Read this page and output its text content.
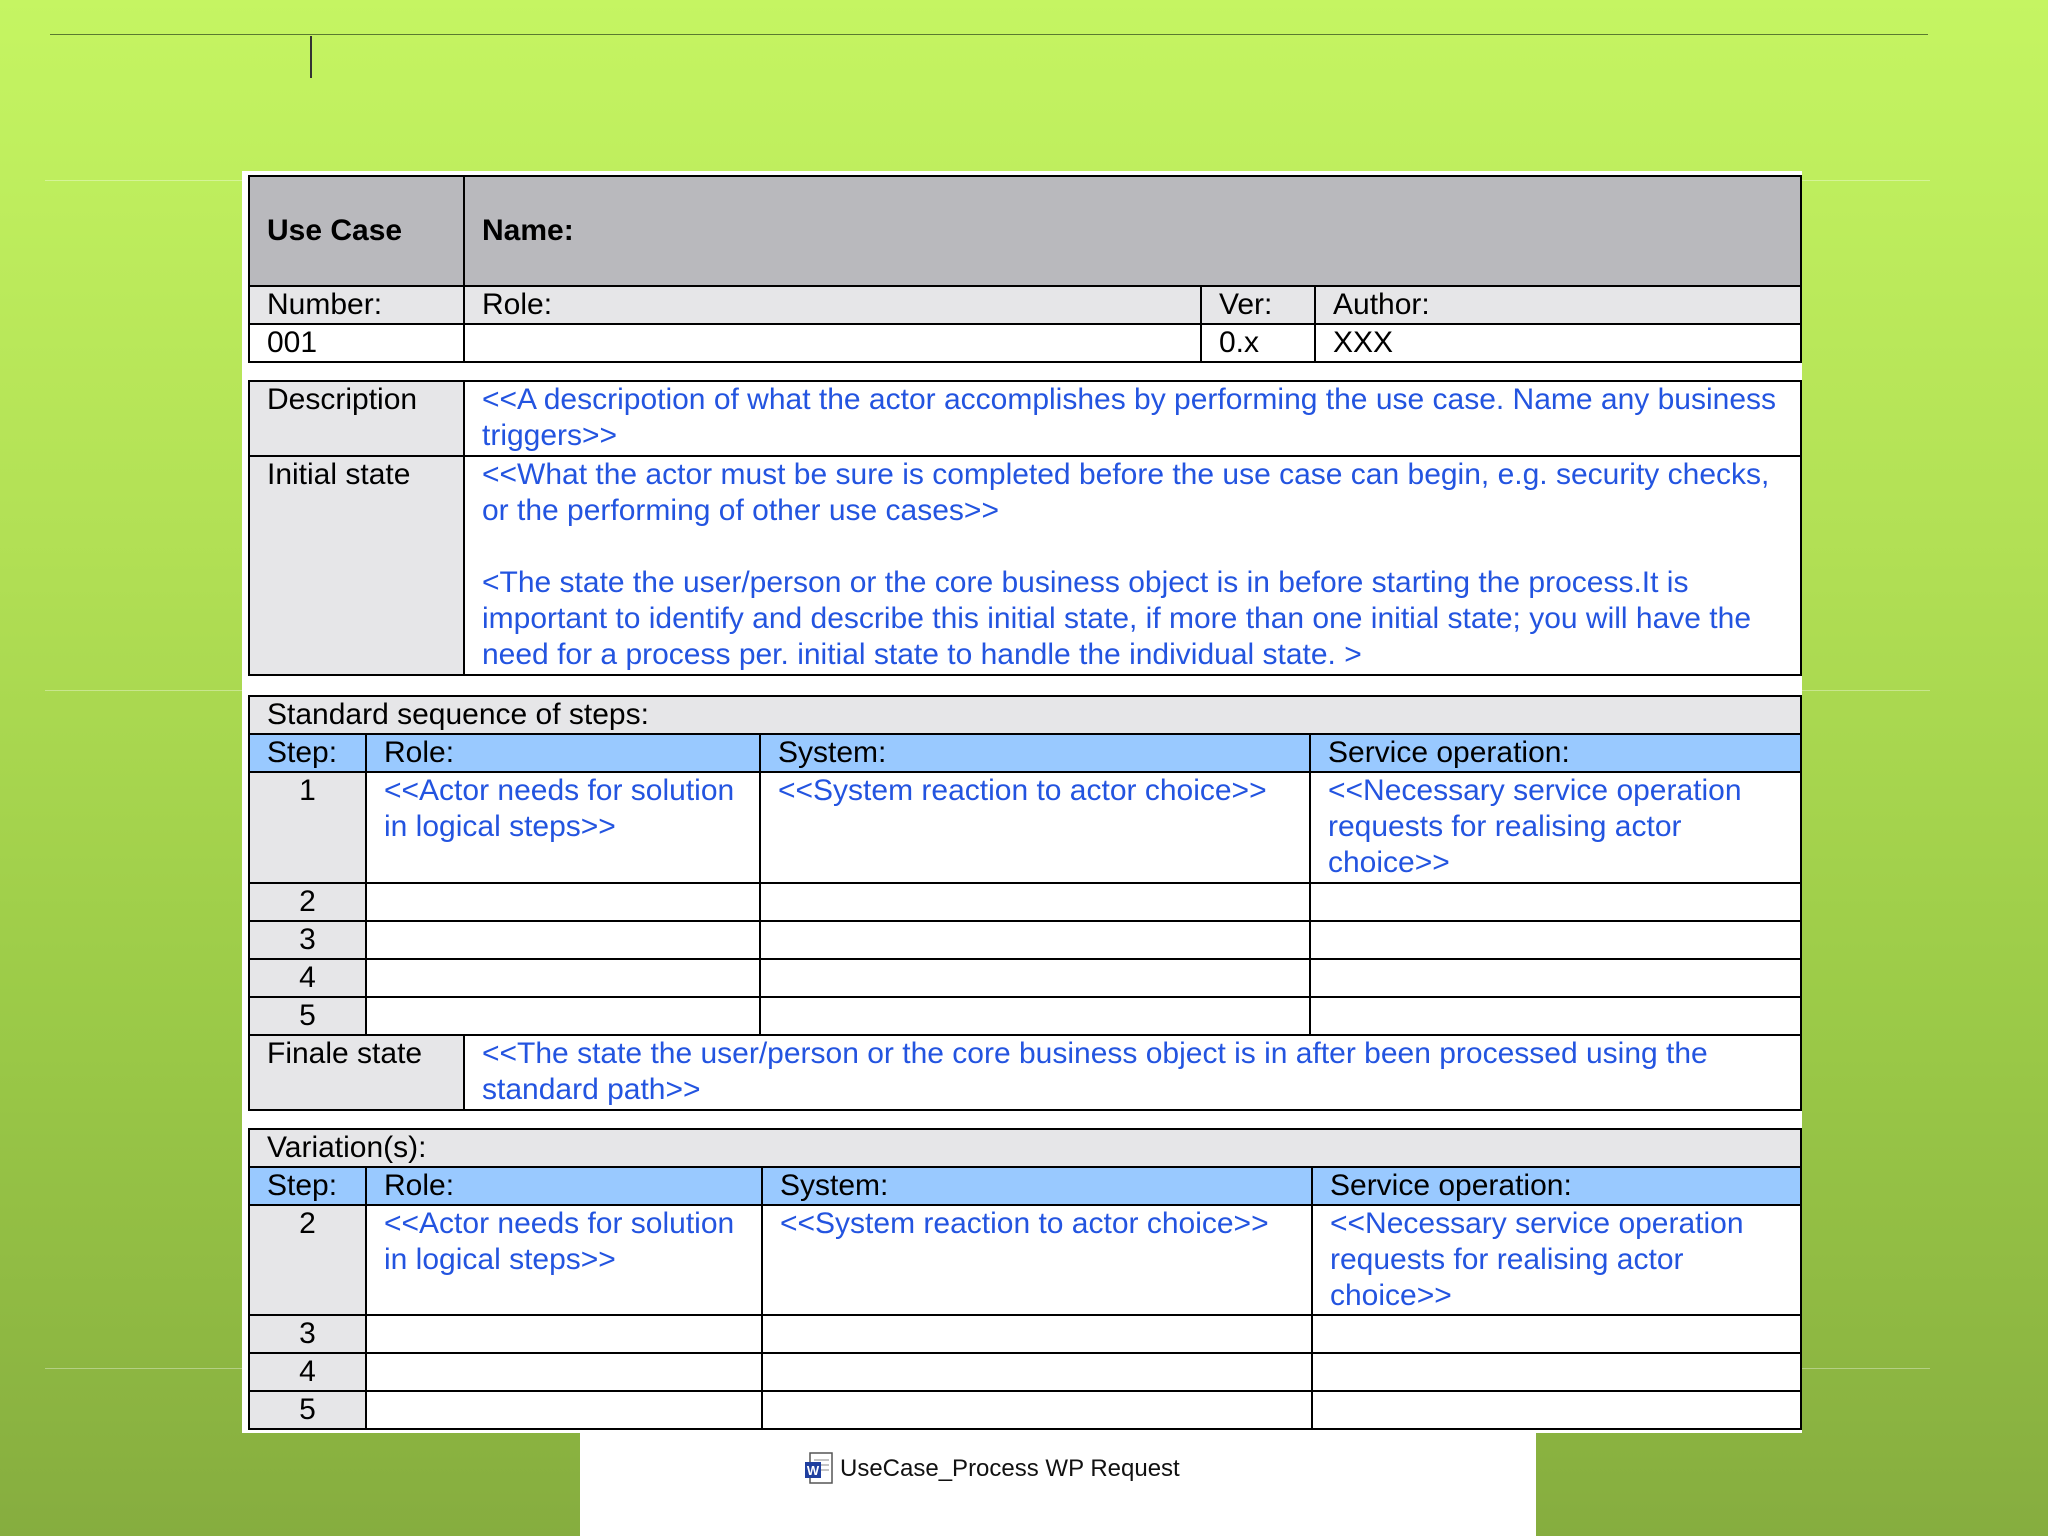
Use Case	Name:		
Number:	Role:	Ver:	Author:
001		0.x	XXX
Description	<<A descripotion of what the actor accomplishes by performing the use case. Name any business triggers>>
Initial state	<<What the actor must be sure is completed before the use case can begin, e.g. security checks, or the performing of other use cases>>
<The state the user/person or the core business object is in before starting the process.It is important to identify and describe this initial state, if more than one initial state; you will have the need for a process per. initial state to handle the individual state. >
Standard sequence of steps:				
Step:	Role:		System:	Service operation:
1	<<Actor needs for solution in logical steps>>		<<System reaction to actor choice>>	<<Necessary service operation requests for realising actor choice>>
2				
3				
4				
5				
Finale state		<<The state the user/person or the core business object is in after been processed using the standard path>>		
Variation(s):			
Step:	Role:	System:	Service operation:
2	<<Actor needs for solution in logical steps>>	<<System reaction to actor choice>>	<<Necessary service operation requests for realising actor choice>>
3			
4			
5			
W UseCase_Process WP Request
